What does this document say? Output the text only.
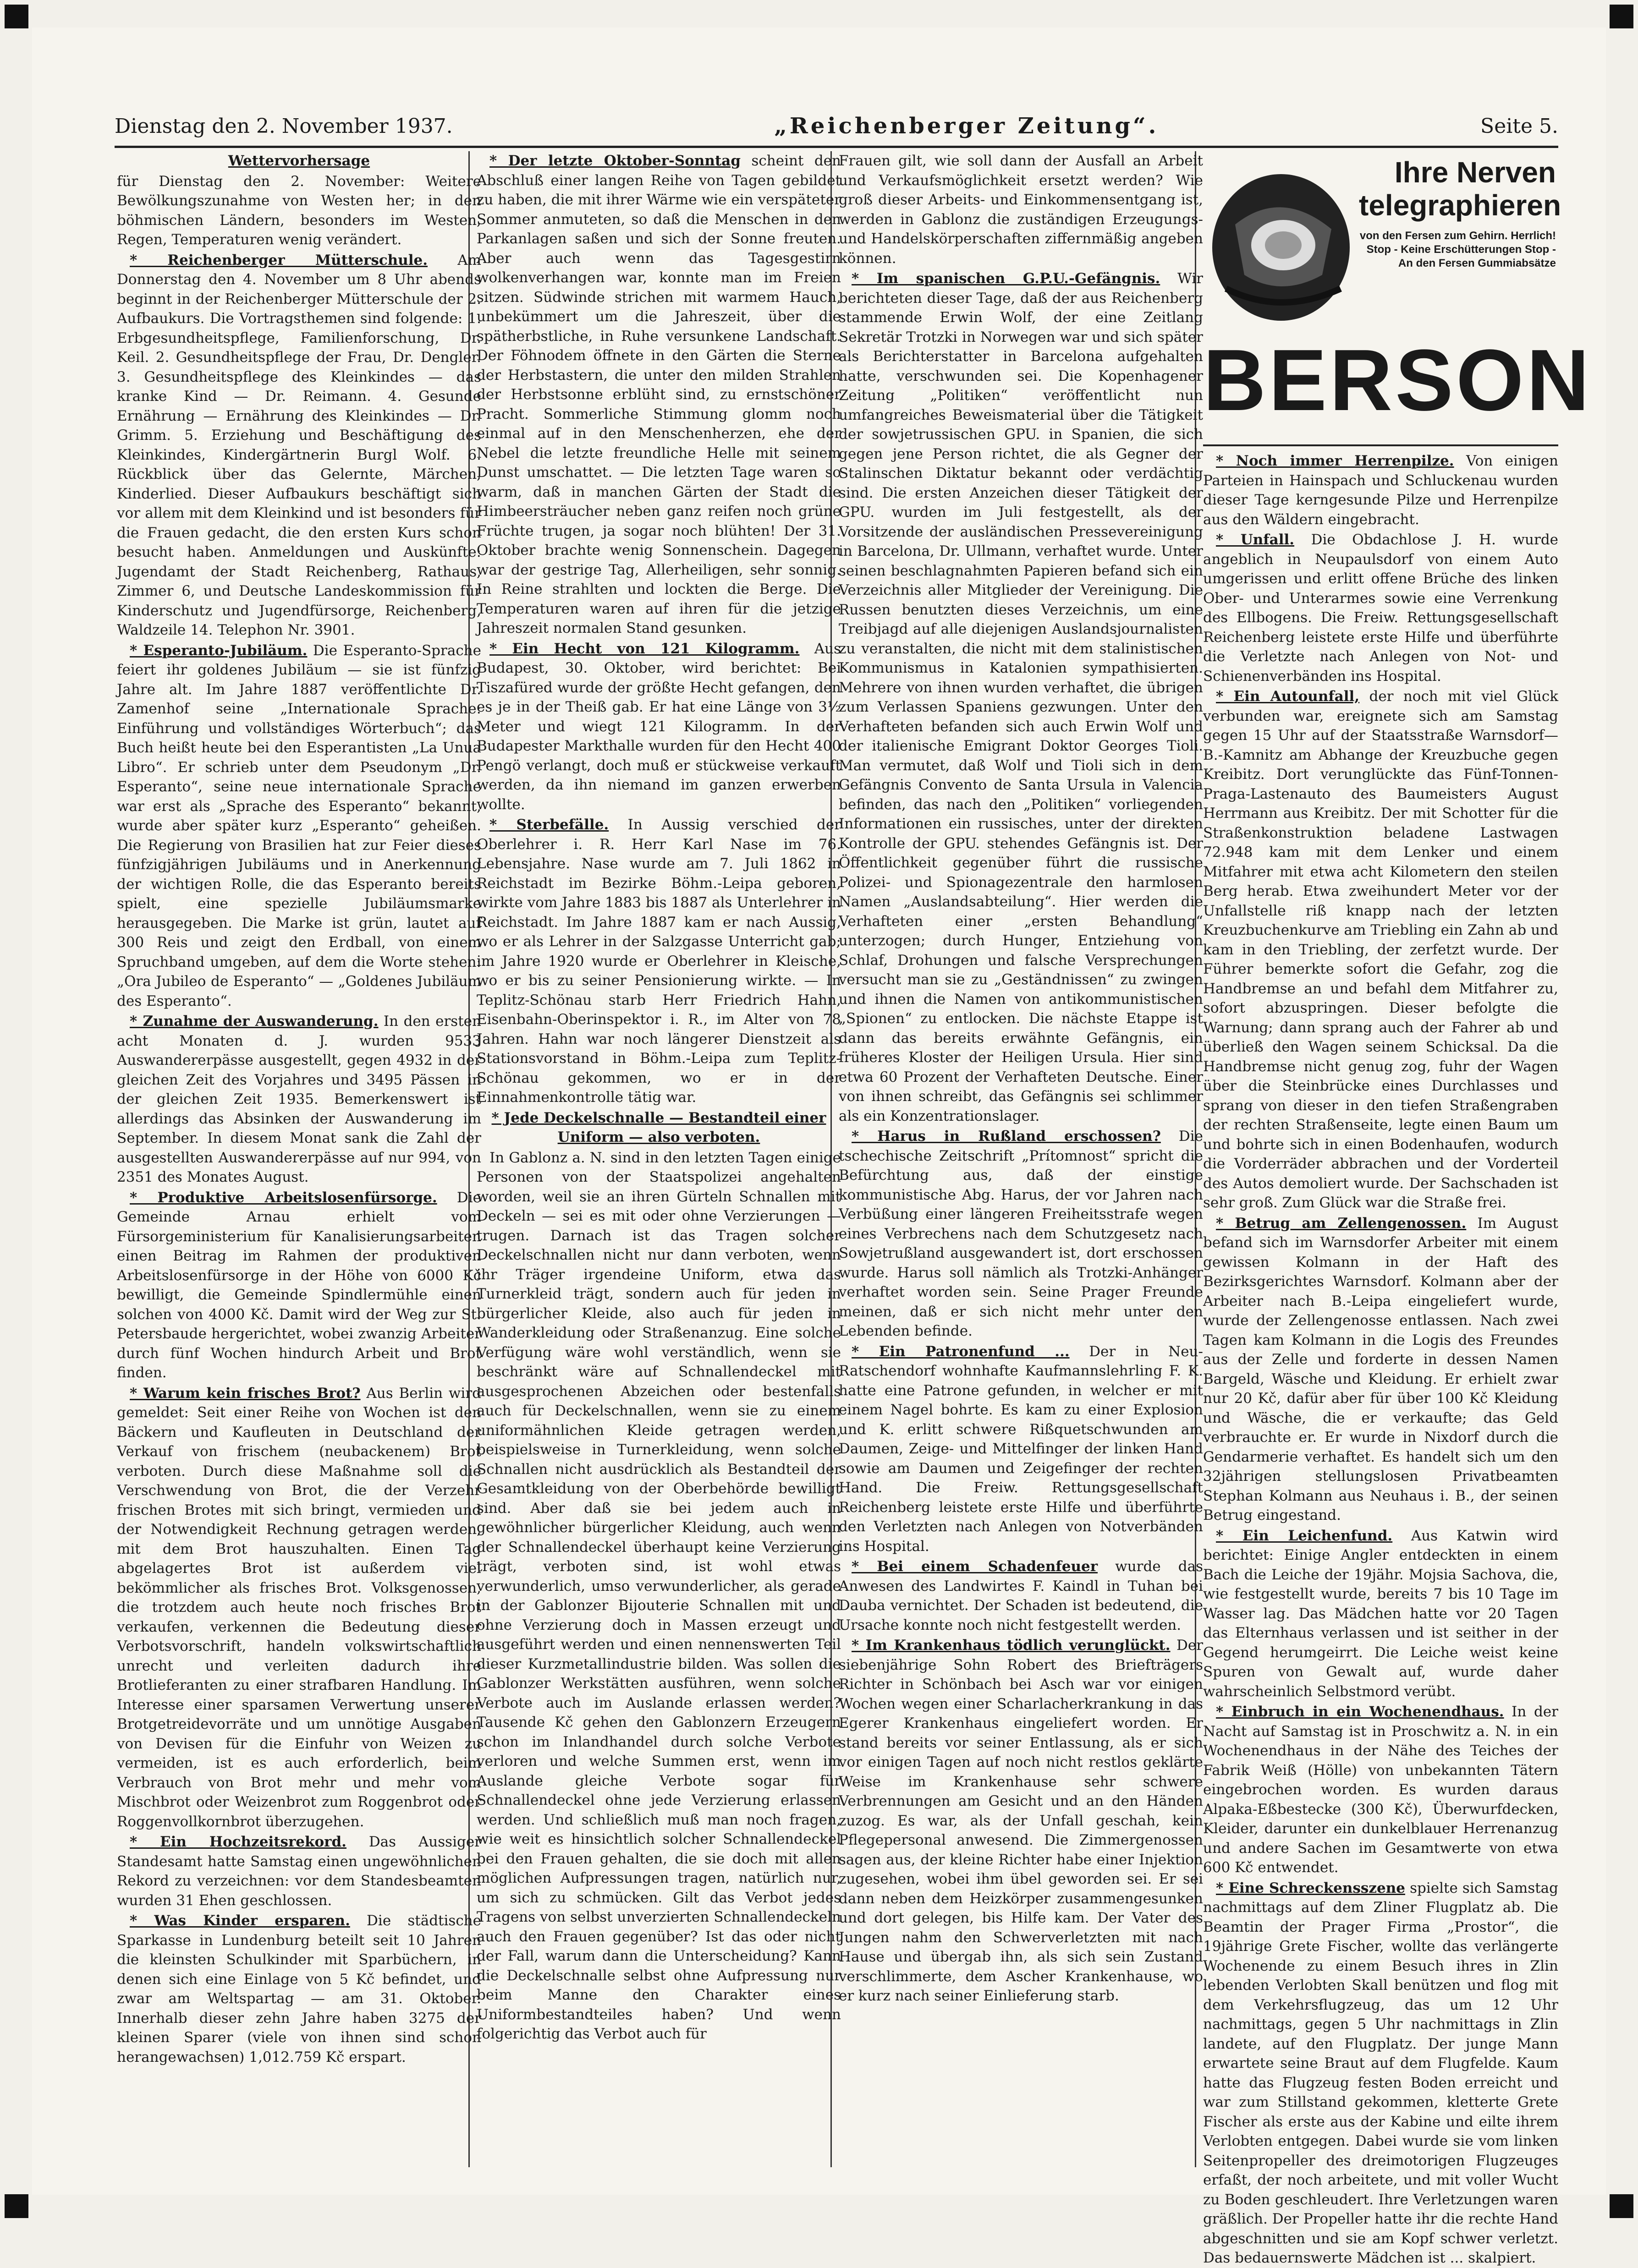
Dienstag den 2. November 1937.	„Reichenberger Zeitung“.	Seite 5.

Wettervorhersage

für Dienstag den 2. November: Weitere Bewölkungszunahme von Westen her; in den böhmischen Ländern, besonders im Westen, Regen, Temperaturen wenig verändert.

* Reichenberger Mütterschule. Am Donnerstag den 4. November um 8 Uhr abends beginnt in der Reichenberger Mütterschule der 2. Aufbaukurs. Die Vortragsthemen sind folgende: 1. Erbgesundheitspflege, Familienforschung, Dr. Keil. 2. Gesundheitspflege der Frau, Dr. Dengler. 3. Gesundheitspflege des Kleinkindes — das kranke Kind — Dr. Reimann. 4. Gesunde Ernährung — Ernährung des Kleinkindes — Dr. Grimm. 5. Erziehung und Beschäftigung des Kleinkindes, Kindergärtnerin Burgl Wolf. 6. Rückblick über das Gelernte, Märchen, Kinderlied. Dieser Aufbaukurs beschäftigt sich vor allem mit dem Kleinkind und ist besonders für die Frauen gedacht, die den ersten Kurs schon besucht haben. Anmeldungen und Auskünfte: Jugendamt der Stadt Reichenberg, Rathaus, Zimmer 6, und Deutsche Landeskommission für Kinderschutz und Jugendfürsorge, Reichenberg, Waldzeile 14. Telephon Nr. 3901.

* Esperanto-Jubiläum. Die Esperanto-Sprache feiert ihr goldenes Jubiläum — sie ist fünfzig Jahre alt. Im Jahre 1887 veröffentlichte Dr. Zamenhof seine „Internationale Sprache: Einführung und vollständiges Wörterbuch“; das Buch heißt heute bei den Esperantisten „La Unua Libro“. Er schrieb unter dem Pseudonym „Dr. Esperanto“, seine neue internationale Sprache war erst als „Sprache des Esperanto“ bekannt, wurde aber später kurz „Esperanto“ geheißen. Die Regierung von Brasilien hat zur Feier dieses fünfzigjährigen Jubiläums und in Anerkennung der wichtigen Rolle, die das Esperanto bereits spielt, eine spezielle Jubiläumsmarke herausgegeben. Die Marke ist grün, lautet auf 300 Reis und zeigt den Erdball, von einem Spruchband umgeben, auf dem die Worte stehen: „Ora Jubileo de Esperanto“ — „Goldenes Jubiläum des Esperanto“.

* Zunahme der Auswanderung. In den ersten acht Monaten d. J. wurden 9533 Auswandererpässe ausgestellt, gegen 4932 in der gleichen Zeit des Vorjahres und 3495 Pässen in der gleichen Zeit 1935. Bemerkenswert ist allerdings das Absinken der Auswanderung im September. In diesem Monat sank die Zahl der ausgestellten Auswandererpässe auf nur 994, von 2351 des Monates August.

* Produktive Arbeitslosenfürsorge. Die Gemeinde Arnau erhielt vom Fürsorgeministerium für Kanalisierungsarbeiten einen Beitrag im Rahmen der produktiven Arbeitslosenfürsorge in der Höhe von 6000 Kč bewilligt, die Gemeinde Spindlermühle einen solchen von 4000 Kč. Damit wird der Weg zur St. Petersbaude hergerichtet, wobei zwanzig Arbeiter durch fünf Wochen hindurch Arbeit und Brot finden.

* Warum kein frisches Brot? Aus Berlin wird gemeldet: Seit einer Reihe von Wochen ist den Bäckern und Kaufleuten in Deutschland der Verkauf von frischem (neubackenem) Brot verboten. Durch diese Maßnahme soll die Verschwendung von Brot, die der Verzehr frischen Brotes mit sich bringt, vermieden und der Notwendigkeit Rechnung getragen werden, mit dem Brot hauszuhalten. Einen Tag abgelagertes Brot ist außerdem viel bekömmlicher als frisches Brot. Volksgenossen, die trotzdem auch heute noch frisches Brot verkaufen, verkennen die Bedeutung dieser Verbotsvorschrift, handeln volkswirtschaftlich unrecht und verleiten dadurch ihre Brotlieferanten zu einer strafbaren Handlung. Im Interesse einer sparsamen Verwertung unserer Brotgetreidevorräte und um unnötige Ausgaben von Devisen für die Einfuhr von Weizen zu vermeiden, ist es auch erforderlich, beim Verbrauch von Brot mehr und mehr vom Mischbrot oder Weizenbrot zum Roggenbrot oder Roggenvollkornbrot überzugehen.

* Ein Hochzeitsrekord. Das Aussiger Standesamt hatte Samstag einen ungewöhnlichen Rekord zu verzeichnen: vor dem Standesbeamten wurden 31 Ehen geschlossen.

* Was Kinder ersparen. Die städtische Sparkasse in Lundenburg beteilt seit 10 Jahren die kleinsten Schulkinder mit Sparbüchern, in denen sich eine Einlage von 5 Kč befindet, und zwar am Weltspartag — am 31. Oktober. Innerhalb dieser zehn Jahre haben 3275 der kleinen Sparer (viele von ihnen sind schon herangewachsen) 1,012.759 Kč erspart.

* Der letzte Oktober-Sonntag scheint den Abschluß einer langen Reihe von Tagen gebildet zu haben, die mit ihrer Wärme wie ein verspäteter Sommer anmuteten, so daß die Menschen in den Parkanlagen saßen und sich der Sonne freuten. Aber auch wenn das Tagesgestirn wolkenverhangen war, konnte man im Freien sitzen. Südwinde strichen mit warmem Hauch, unbekümmert um die Jahreszeit, über die spätherbstliche, in Ruhe versunkene Landschaft. Der Föhnodem öffnete in den Gärten die Sterne der Herbstastern, die unter den milden Strahlen der Herbstsonne erblüht sind, zu ernstschöner Pracht. Sommerliche Stimmung glomm noch einmal auf in den Menschenherzen, ehe der Nebel die letzte freundliche Helle mit seinem Dunst umschattet. — Die letzten Tage waren so warm, daß in manchen Gärten der Stadt die Himbeersträucher neben ganz reifen noch grüne Früchte trugen, ja sogar noch blühten! Der 31. Oktober brachte wenig Sonnenschein. Dagegen war der gestrige Tag, Allerheiligen, sehr sonnig. In Reine strahlten und lockten die Berge. Die Temperaturen waren auf ihren für die jetzige Jahreszeit normalen Stand gesunken.

* Ein Hecht von 121 Kilogramm. Aus Budapest, 30. Oktober, wird berichtet: Bei Tiszafüred wurde der größte Hecht gefangen, den es je in der Theiß gab. Er hat eine Länge von 3½ Meter und wiegt 121 Kilogramm. In der Budapester Markthalle wurden für den Hecht 400 Pengö verlangt, doch muß er stückweise verkauft werden, da ihn niemand im ganzen erwerben wollte.

* Sterbefälle. In Aussig verschied der Oberlehrer i. R. Herr Karl Nase im 76. Lebensjahre. Nase wurde am 7. Juli 1862 in Reichstadt im Bezirke Böhm.-Leipa geboren, wirkte vom Jahre 1883 bis 1887 als Unterlehrer in Reichstadt. Im Jahre 1887 kam er nach Aussig, wo er als Lehrer in der Salzgasse Unterricht gab; im Jahre 1920 wurde er Oberlehrer in Kleische, wo er bis zu seiner Pensionierung wirkte. — In Teplitz-Schönau starb Herr Friedrich Hahn, Eisenbahn-Oberinspektor i. R., im Alter von 78 Jahren. Hahn war noch längerer Dienstzeit als Stationsvorstand in Böhm.-Leipa zum Teplitz-Schönau gekommen, wo er in der Einnahmenkontrolle tätig war.

* Jede Deckelschnalle — Bestandteil einer Uniform — also verboten.

In Gablonz a. N. sind in den letzten Tagen einige Personen von der Staatspolizei angehalten worden, weil sie an ihren Gürteln Schnallen mit Deckeln — sei es mit oder ohne Verzierungen — trugen. Darnach ist das Tragen solcher Deckelschnallen nicht nur dann verboten, wenn ihr Träger irgendeine Uniform, etwa das Turnerkleid trägt, sondern auch für jeden in bürgerlicher Kleide, also auch für jeden in Wanderkleidung oder Straßenanzug. Eine solche Verfügung wäre wohl verständlich, wenn sie beschränkt wäre auf Schnallendeckel mit ausgesprochenen Abzeichen oder bestenfalls auch für Deckelschnallen, wenn sie zu einem uniformähnlichen Kleide getragen werden, beispielsweise in Turnerkleidung, wenn solche Schnallen nicht ausdrücklich als Bestandteil der Gesamtkleidung von der Oberbehörde bewilligt sind. Aber daß sie bei jedem auch in gewöhnlicher bürgerlicher Kleidung, auch wenn der Schnallendeckel überhaupt keine Verzierung trägt, verboten sind, ist wohl etwas verwunderlich, umso verwunderlicher, als gerade in der Gablonzer Bijouterie Schnallen mit und ohne Verzierung doch in Massen erzeugt und ausgeführt werden und einen nennenswerten Teil dieser Kurzmetallindustrie bilden. Was sollen die Gablonzer Werkstätten ausführen, wenn solche Verbote auch im Auslande erlassen werden? Tausende Kč gehen den Gablonzern Erzeugern schon im Inlandhandel durch solche Verbote verloren und welche Summen erst, wenn im Auslande gleiche Verbote sogar für Schnallendeckel ohne jede Verzierung erlassen werden. Und schließlich muß man noch fragen, wie weit es hinsichtlich solcher Schnallendeckel bei den Frauen gehalten, die sie doch mit allen möglichen Aufpressungen tragen, natürlich nur, um sich zu schmücken. Gilt das Verbot jedes Tragens von selbst unverzierten Schnallendeckeln auch den Frauen gegenüber? Ist das oder nicht der Fall, warum dann die Unterscheidung? Kann die Deckelschnalle selbst ohne Aufpressung nur beim Manne den Charakter eines Uniformbestandteiles haben? Und wenn folgerichtig das Verbot auch für

Frauen gilt, wie soll dann der Ausfall an Arbeit und Verkaufsmöglichkeit ersetzt werden? Wie groß dieser Arbeits- und Einkommensentgang ist, werden in Gablonz die zuständigen Erzeugungs- und Handelskörperschaften ziffernmäßig angeben können.

* Im spanischen G.P.U.-Gefängnis. Wir berichteten dieser Tage, daß der aus Reichenberg stammende Erwin Wolf, der eine Zeitlang Sekretär Trotzki in Norwegen war und sich später als Berichterstatter in Barcelona aufgehalten hatte, verschwunden sei. Die Kopenhagener Zeitung „Politiken“ veröffentlicht nun umfangreiches Beweismaterial über die Tätigkeit der sowjetrussischen GPU. in Spanien, die sich gegen jene Person richtet, die als Gegner der Stalinschen Diktatur bekannt oder verdächtig sind. Die ersten Anzeichen dieser Tätigkeit der GPU. wurden im Juli festgestellt, als der Vorsitzende der ausländischen Pressevereinigung in Barcelona, Dr. Ullmann, verhaftet wurde. Unter seinen beschlagnahmten Papieren befand sich ein Verzeichnis aller Mitglieder der Vereinigung. Die Russen benutzten dieses Verzeichnis, um eine Treibjagd auf alle diejenigen Auslandsjournalisten zu veranstalten, die nicht mit dem stalinistischen Kommunismus in Katalonien sympathisierten. Mehrere von ihnen wurden verhaftet, die übrigen zum Verlassen Spaniens gezwungen. Unter den Verhafteten befanden sich auch Erwin Wolf und der italienische Emigrant Doktor Georges Tioli. Man vermutet, daß Wolf und Tioli sich in dem Gefängnis Convento de Santa Ursula in Valencia befinden, das nach den „Politiken“ vorliegenden Informationen ein russisches, unter der direkten Kontrolle der GPU. stehendes Gefängnis ist. Der Öffentlichkeit gegenüber führt die russische Polizei- und Spionagezentrale den harmlosen Namen „Auslandsabteilung“. Hier werden die Verhafteten einer „ersten Behandlung“ unterzogen; durch Hunger, Entziehung von Schlaf, Drohungen und falsche Versprechungen versucht man sie zu „Geständnissen“ zu zwingen und ihnen die Namen von antikommunistischen „Spionen“ zu entlocken. Die nächste Etappe ist dann das bereits erwähnte Gefängnis, ein früheres Kloster der Heiligen Ursula. Hier sind etwa 60 Prozent der Verhafteten Deutsche. Einer von ihnen schreibt, das Gefängnis sei schlimmer als ein Konzentrationslager.

* Harus in Rußland erschossen? Die tschechische Zeitschrift „Prítomnost“ spricht die Befürchtung aus, daß der einstige kommunistische Abg. Harus, der vor Jahren nach Verbüßung einer längeren Freiheitsstrafe wegen eines Verbrechens nach dem Schutzgesetz nach Sowjetrußland ausgewandert ist, dort erschossen wurde. Harus soll nämlich als Trotzki-Anhänger verhaftet worden sein. Seine Prager Freunde meinen, daß er sich nicht mehr unter den Lebenden befinde.

* Ein Patronenfund ... Der in Neu-Ratschendorf wohnhafte Kaufmannslehrling F. K. hatte eine Patrone gefunden, in welcher er mit einem Nagel bohrte. Es kam zu einer Explosion und K. erlitt schwere Rißquetschwunden am Daumen, Zeige- und Mittelfinger der linken Hand sowie am Daumen und Zeigefinger der rechten Hand. Die Freiw. Rettungsgesellschaft Reichenberg leistete erste Hilfe und überführte den Verletzten nach Anlegen von Notverbänden ins Hospital.

* Bei einem Schadenfeuer wurde das Anwesen des Landwirtes F. Kaindl in Tuhan bei Dauba vernichtet. Der Schaden ist bedeutend, die Ursache konnte noch nicht festgestellt werden.

* Im Krankenhaus tödlich verunglückt. Der siebenjährige Sohn Robert des Briefträgers Richter in Schönbach bei Asch war vor einigen Wochen wegen einer Scharlacherkrankung in das Egerer Krankenhaus eingeliefert worden. Er stand bereits vor seiner Entlassung, als er sich vor einigen Tagen auf noch nicht restlos geklärte Weise im Krankenhause sehr schwere Verbrennungen am Gesicht und an den Händen zuzog. Es war, als der Unfall geschah, kein Pflegepersonal anwesend. Die Zimmergenossen sagen aus, der kleine Richter habe einer Injektion zugesehen, wobei ihm übel geworden sei. Er sei dann neben dem Heizkörper zusammengesunken und dort gelegen, bis Hilfe kam. Der Vater des Jungen nahm den Schwerverletzten mit nach Hause und übergab ihn, als sich sein Zustand verschlimmerte, dem Ascher Krankenhause, wo er kurz nach seiner Einlieferung starb.

Ihre Nerven telegraphieren
von den Fersen zum Gehirn. Herrlich! Stop - Keine Erschütterungen Stop - An den Fersen Gummiabsätze
BERSON

* Noch immer Herrenpilze. Von einigen Parteien in Hainspach und Schluckenau wurden dieser Tage kerngesunde Pilze und Herrenpilze aus den Wäldern eingebracht.

* Unfall. Die Obdachlose J. H. wurde angeblich in Neupaulsdorf von einem Auto umgerissen und erlitt offene Brüche des linken Ober- und Unterarmes sowie eine Verrenkung des Ellbogens. Die Freiw. Rettungsgesellschaft Reichenberg leistete erste Hilfe und überführte die Verletzte nach Anlegen von Not- und Schienenverbänden ins Hospital.

* Ein Autounfall, der noch mit viel Glück verbunden war, ereignete sich am Samstag gegen 15 Uhr auf der Staatsstraße Warnsdorf—B.-Kamnitz am Abhange der Kreuzbuche gegen Kreibitz. Dort verunglückte das Fünf-Tonnen-Praga-Lastenauto des Baumeisters August Herrmann aus Kreibitz. Der mit Schotter für die Straßenkonstruktion beladene Lastwagen 72.948 kam mit dem Lenker und einem Mitfahrer mit etwa acht Kilometern den steilen Berg herab. Etwa zweihundert Meter vor der Unfallstelle riß knapp nach der letzten Kreuzbuchenkurve am Triebling ein Zahn ab und kam in den Triebling, der zerfetzt wurde. Der Führer bemerkte sofort die Gefahr, zog die Handbremse an und befahl dem Mitfahrer zu, sofort abzuspringen. Dieser befolgte die Warnung; dann sprang auch der Fahrer ab und überließ den Wagen seinem Schicksal. Da die Handbremse nicht genug zog, fuhr der Wagen über die Steinbrücke eines Durchlasses und sprang von dieser in den tiefen Straßengraben der rechten Straßenseite, legte einen Baum um und bohrte sich in einen Bodenhaufen, wodurch die Vorderräder abbrachen und der Vorderteil des Autos demoliert wurde. Der Sachschaden ist sehr groß. Zum Glück war die Straße frei.

* Betrug am Zellengenossen. Im August befand sich im Warnsdorfer Arbeiter mit einem gewissen Kolmann in der Haft des Bezirksgerichtes Warnsdorf. Kolmann aber der Arbeiter nach B.-Leipa eingeliefert wurde, wurde der Zellengenosse entlassen. Nach zwei Tagen kam Kolmann in die Logis des Freundes aus der Zelle und forderte in dessen Namen Bargeld, Wäsche und Kleidung. Er erhielt zwar nur 20 Kč, dafür aber für über 100 Kč Kleidung und Wäsche, die er verkaufte; das Geld verbrauchte er. Er wurde in Nixdorf durch die Gendarmerie verhaftet. Es handelt sich um den 32jährigen stellungslosen Privatbeamten Stephan Kolmann aus Neuhaus i. B., der seinen Betrug eingestand.

* Ein Leichenfund. Aus Katwin wird berichtet: Einige Angler entdeckten in einem Bach die Leiche der 19jähr. Mojsia Sachova, die, wie festgestellt wurde, bereits 7 bis 10 Tage im Wasser lag. Das Mädchen hatte vor 20 Tagen das Elternhaus verlassen und ist seither in der Gegend herumgeirrt. Die Leiche weist keine Spuren von Gewalt auf, wurde daher wahrscheinlich Selbstmord verübt.

* Einbruch in ein Wochenendhaus. In der Nacht auf Samstag ist in Proschwitz a. N. in ein Wochenendhaus in der Nähe des Teiches der Fabrik Weiß (Hölle) von unbekannten Tätern eingebrochen worden. Es wurden daraus Alpaka-Eßbestecke (300 Kč), Überwurfdecken, Kleider, darunter ein dunkelblauer Herrenanzug und andere Sachen im Gesamtwerte von etwa 600 Kč entwendet.

* Eine Schreckensszene spielte sich Samstag nachmittags auf dem Zliner Flugplatz ab. Die Beamtin der Prager Firma „Prostor“, die 19jährige Grete Fischer, wollte das verlängerte Wochenende zu einem Besuch ihres in Zlin lebenden Verlobten Skall benützen und flog mit dem Verkehrsflugzeug, das um 12 Uhr nachmittags, gegen 5 Uhr nachmittags in Zlin landete, auf den Flugplatz. Der junge Mann erwartete seine Braut auf dem Flugfelde. Kaum hatte das Flugzeug festen Boden erreicht und war zum Stillstand gekommen, kletterte Grete Fischer als erste aus der Kabine und eilte ihrem Verlobten entgegen. Dabei wurde sie vom linken Seitenpropeller des dreimotorigen Flugzeuges erfaßt, der noch arbeitete, und mit voller Wucht zu Boden geschleudert. Ihre Verletzungen waren gräßlich. Der Propeller hatte ihr die rechte Hand abgeschnitten und sie am Kopf schwer verletzt. Das bedauernswerte Mädchen ist ... skalpiert.
